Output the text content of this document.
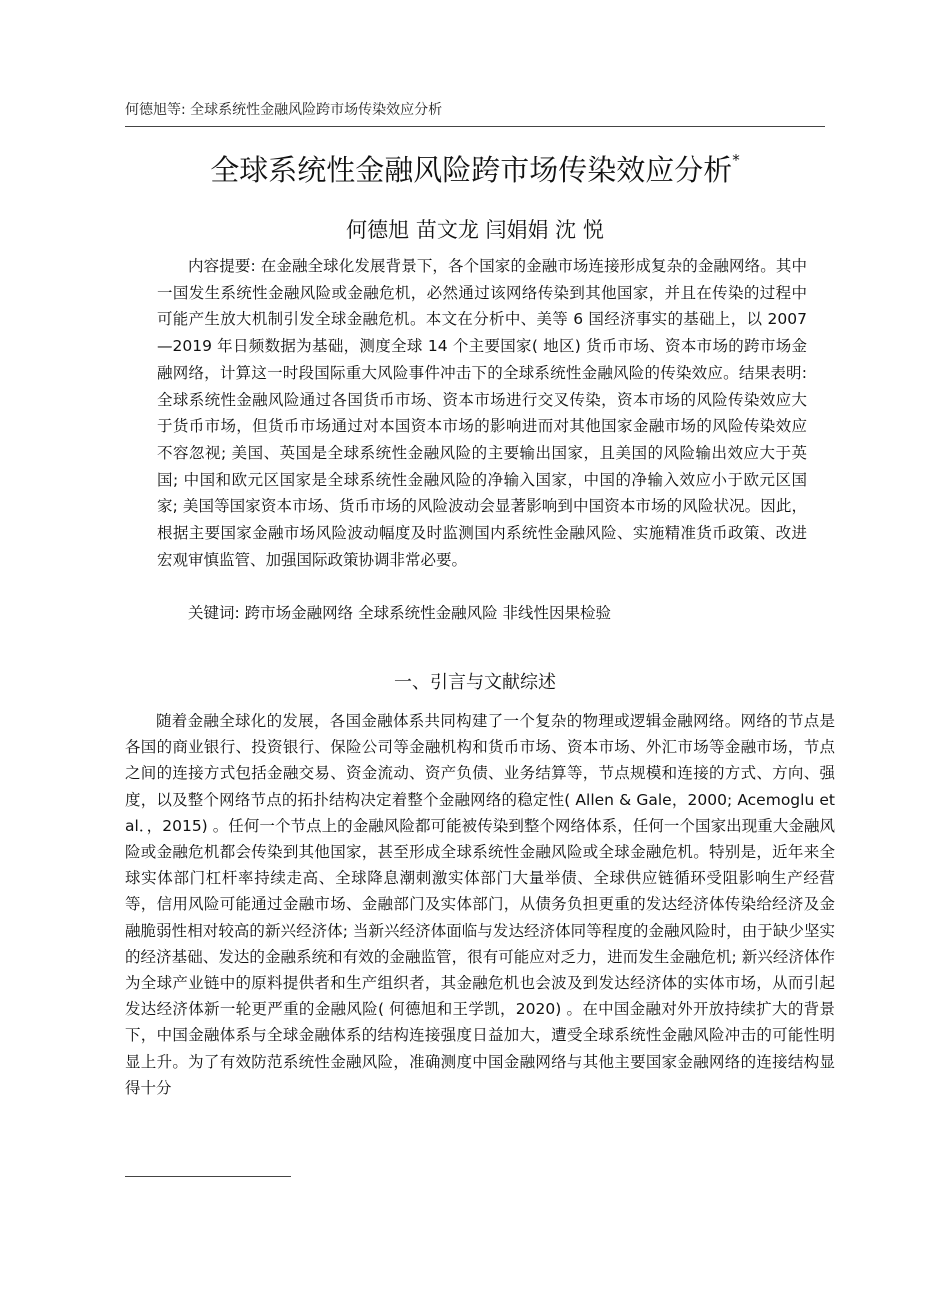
何德旭等: 全球系统性金融风险跨市场传染效应分析
全球系统性金融风险跨市场传染效应分析*
何德旭 苗文龙 闫娟娟 沈 悦

内容提要: 在金融全球化发展背景下，各个国家的金融市场连接形成复杂的金融网络。其中一国发生系统性金融风险或金融危机，必然通过该网络传染到其他国家，并且在传染的过程中可能产生放大机制引发全球金融危机。本文在分析中、美等 6 国经济事实的基础上，以 2007—2019 年日频数据为基础，测度全球 14 个主要国家( 地区) 货币市场、资本市场的跨市场金融网络，计算这一时段国际重大风险事件冲击下的全球系统性金融风险的传染效应。结果表明: 全球系统性金融风险通过各国货币市场、资本市场进行交叉传染，资本市场的风险传染效应大于货币市场，但货币市场通过对本国资本市场的影响进而对其他国家金融市场的风险传染效应不容忽视; 美国、英国是全球系统性金融风险的主要输出国家，且美国的风险输出效应大于英国; 中国和欧元区国家是全球系统性金融风险的净输入国家，中国的净输入效应小于欧元区国家; 美国等国家资本市场、货币市场的风险波动会显著影响到中国资本市场的风险状况。因此，根据主要国家金融市场风险波动幅度及时监测国内系统性金融风险、实施精准货币政策、改进宏观审慎监管、加强国际政策协调非常必要。

关键词: 跨市场金融网络 全球系统性金融风险 非线性因果检验

一、引言与文献综述

随着金融全球化的发展，各国金融体系共同构建了一个复杂的物理或逻辑金融网络。网络的节点是各国的商业银行、投资银行、保险公司等金融机构和货币市场、资本市场、外汇市场等金融市场，节点之间的连接方式包括金融交易、资金流动、资产负债、业务结算等，节点规模和连接的方式、方向、强度，以及整个网络节点的拓扑结构决定着整个金融网络的稳定性( Allen & Gale，2000; Acemoglu et al．，2015) 。任何一个节点上的金融风险都可能被传染到整个网络体系，任何一个国家出现重大金融风险或金融危机都会传染到其他国家，甚至形成全球系统性金融风险或全球金融危机。特别是，近年来全球实体部门杠杆率持续走高、全球降息潮刺激实体部门大量举债、全球供应链循环受阻影响生产经营等，信用风险可能通过金融市场、金融部门及实体部门，从债务负担更重的发达经济体传染给经济及金融脆弱性相对较高的新兴经济体; 当新兴经济体面临与发达经济体同等程度的金融风险时，由于缺少坚实的经济基础、发达的金融系统和有效的金融监管，很有可能应对乏力，进而发生金融危机; 新兴经济体作为全球产业链中的原料提供者和生产组织者，其金融危机也会波及到发达经济体的实体市场，从而引起发达经济体新一轮更严重的金融风险( 何德旭和王学凯，2020) 。在中国金融对外开放持续扩大的背景下，中国金融体系与全球金融体系的结构连接强度日益加大，遭受全球系统性金融风险冲击的可能性明显上升。为了有效防范系统性金融风险，准确测度中国金融网络与其他主要国家金融网络的连接结构显得十分
